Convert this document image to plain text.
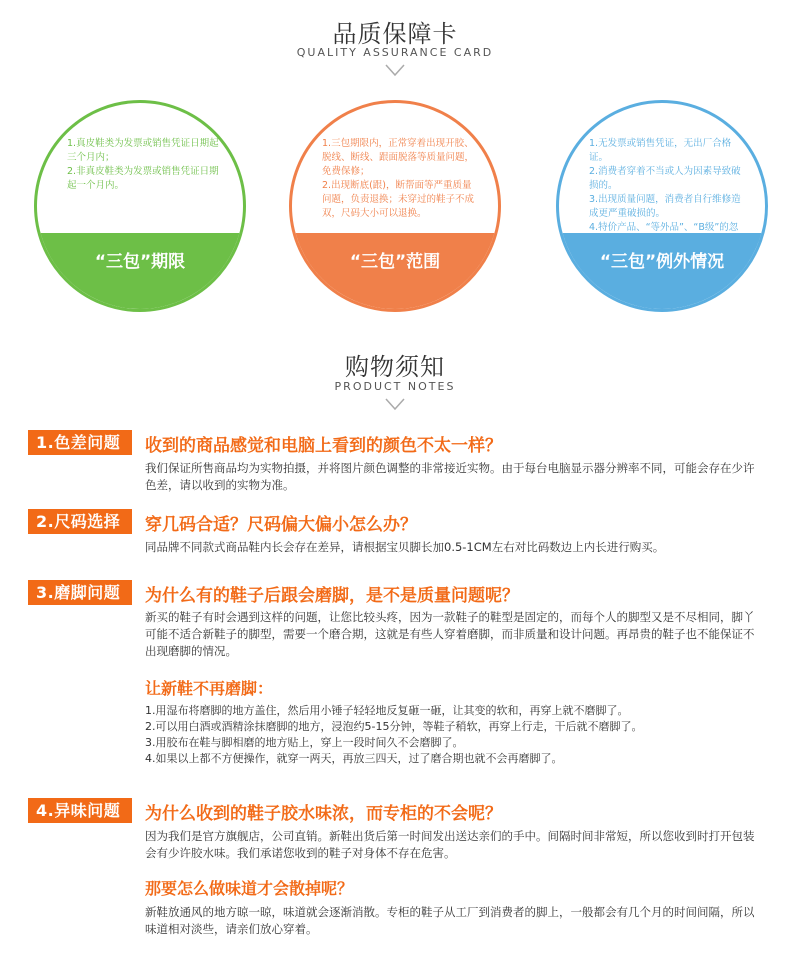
品质保障卡
QUALITY ASSURANCE CARD
1.真皮鞋类为发票或销售凭证日期起三个月内；
2.非真皮鞋类为发票或销售凭证日期起一个月内。
“三包”期限
1.三包期限内，正常穿着出现开胶、脱线、断线、跟面脱落等质量问题，免费保修；
2.出现断底(跟)，断帮面等严重质量问题，负责退换；未穿过的鞋子不成双，尺码大小可以退换。
“三包”范围
1.无发票或销售凭证，无出厂合格证。
2.消费者穿着不当或人为因素导致破损的。
3.出现质量问题，消费者自行维修造成更严重破损的。
4.特价产品、“等外品”、“B级”的忽
“三包”例外情况
购物须知
PRODUCT NOTES
1.色差问题	收到的商品感觉和电脑上看到的颜色不太一样？
我们保证所售商品均为实物拍摄，并将图片颜色调整的非常接近实物。由于每台电脑显示器分辨率不同，可能会存在少许色差，请以收到的实物为准。
2.尺码选择	穿几码合适？尺码偏大偏小怎么办？
同品牌不同款式商品鞋内长会存在差异，请根据宝贝脚长加0.5-1CM左右对比码数边上内长进行购买。
3.磨脚问题	为什么有的鞋子后跟会磨脚，是不是质量问题呢？
新买的鞋子有时会遇到这样的问题，让您比较头疼，因为一款鞋子的鞋型是固定的，而每个人的脚型又是不尽相同，脚丫可能不适合新鞋子的脚型，需要一个磨合期，这就是有些人穿着磨脚，而非质量和设计问题。再昂贵的鞋子也不能保证不出现磨脚的情况。
让新鞋不再磨脚：
1.用湿布将磨脚的地方盖住，然后用小锤子轻轻地反复砸一砸，让其变的软和，再穿上就不磨脚了。
2.可以用白酒或酒精涂抹磨脚的地方，浸泡约5-15分钟，等鞋子稍软，再穿上行走，干后就不磨脚了。
3.用胶布在鞋与脚相磨的地方贴上，穿上一段时间久不会磨脚了。
4.如果以上都不方便操作，就穿一两天，再放三四天，过了磨合期也就不会再磨脚了。
4.异味问题	为什么收到的鞋子胶水味浓，而专柜的不会呢？
因为我们是官方旗舰店，公司直销。新鞋出货后第一时间发出送达亲们的手中。间隔时间非常短，所以您收到时打开包装会有少许胶水味。我们承诺您收到的鞋子对身体不存在危害。
那要怎么做味道才会散掉呢？
新鞋放通风的地方晾一晾，味道就会逐渐消散。专柜的鞋子从工厂到消费者的脚上，一般都会有几个月的时间间隔，所以味道相对淡些，请亲们放心穿着。
